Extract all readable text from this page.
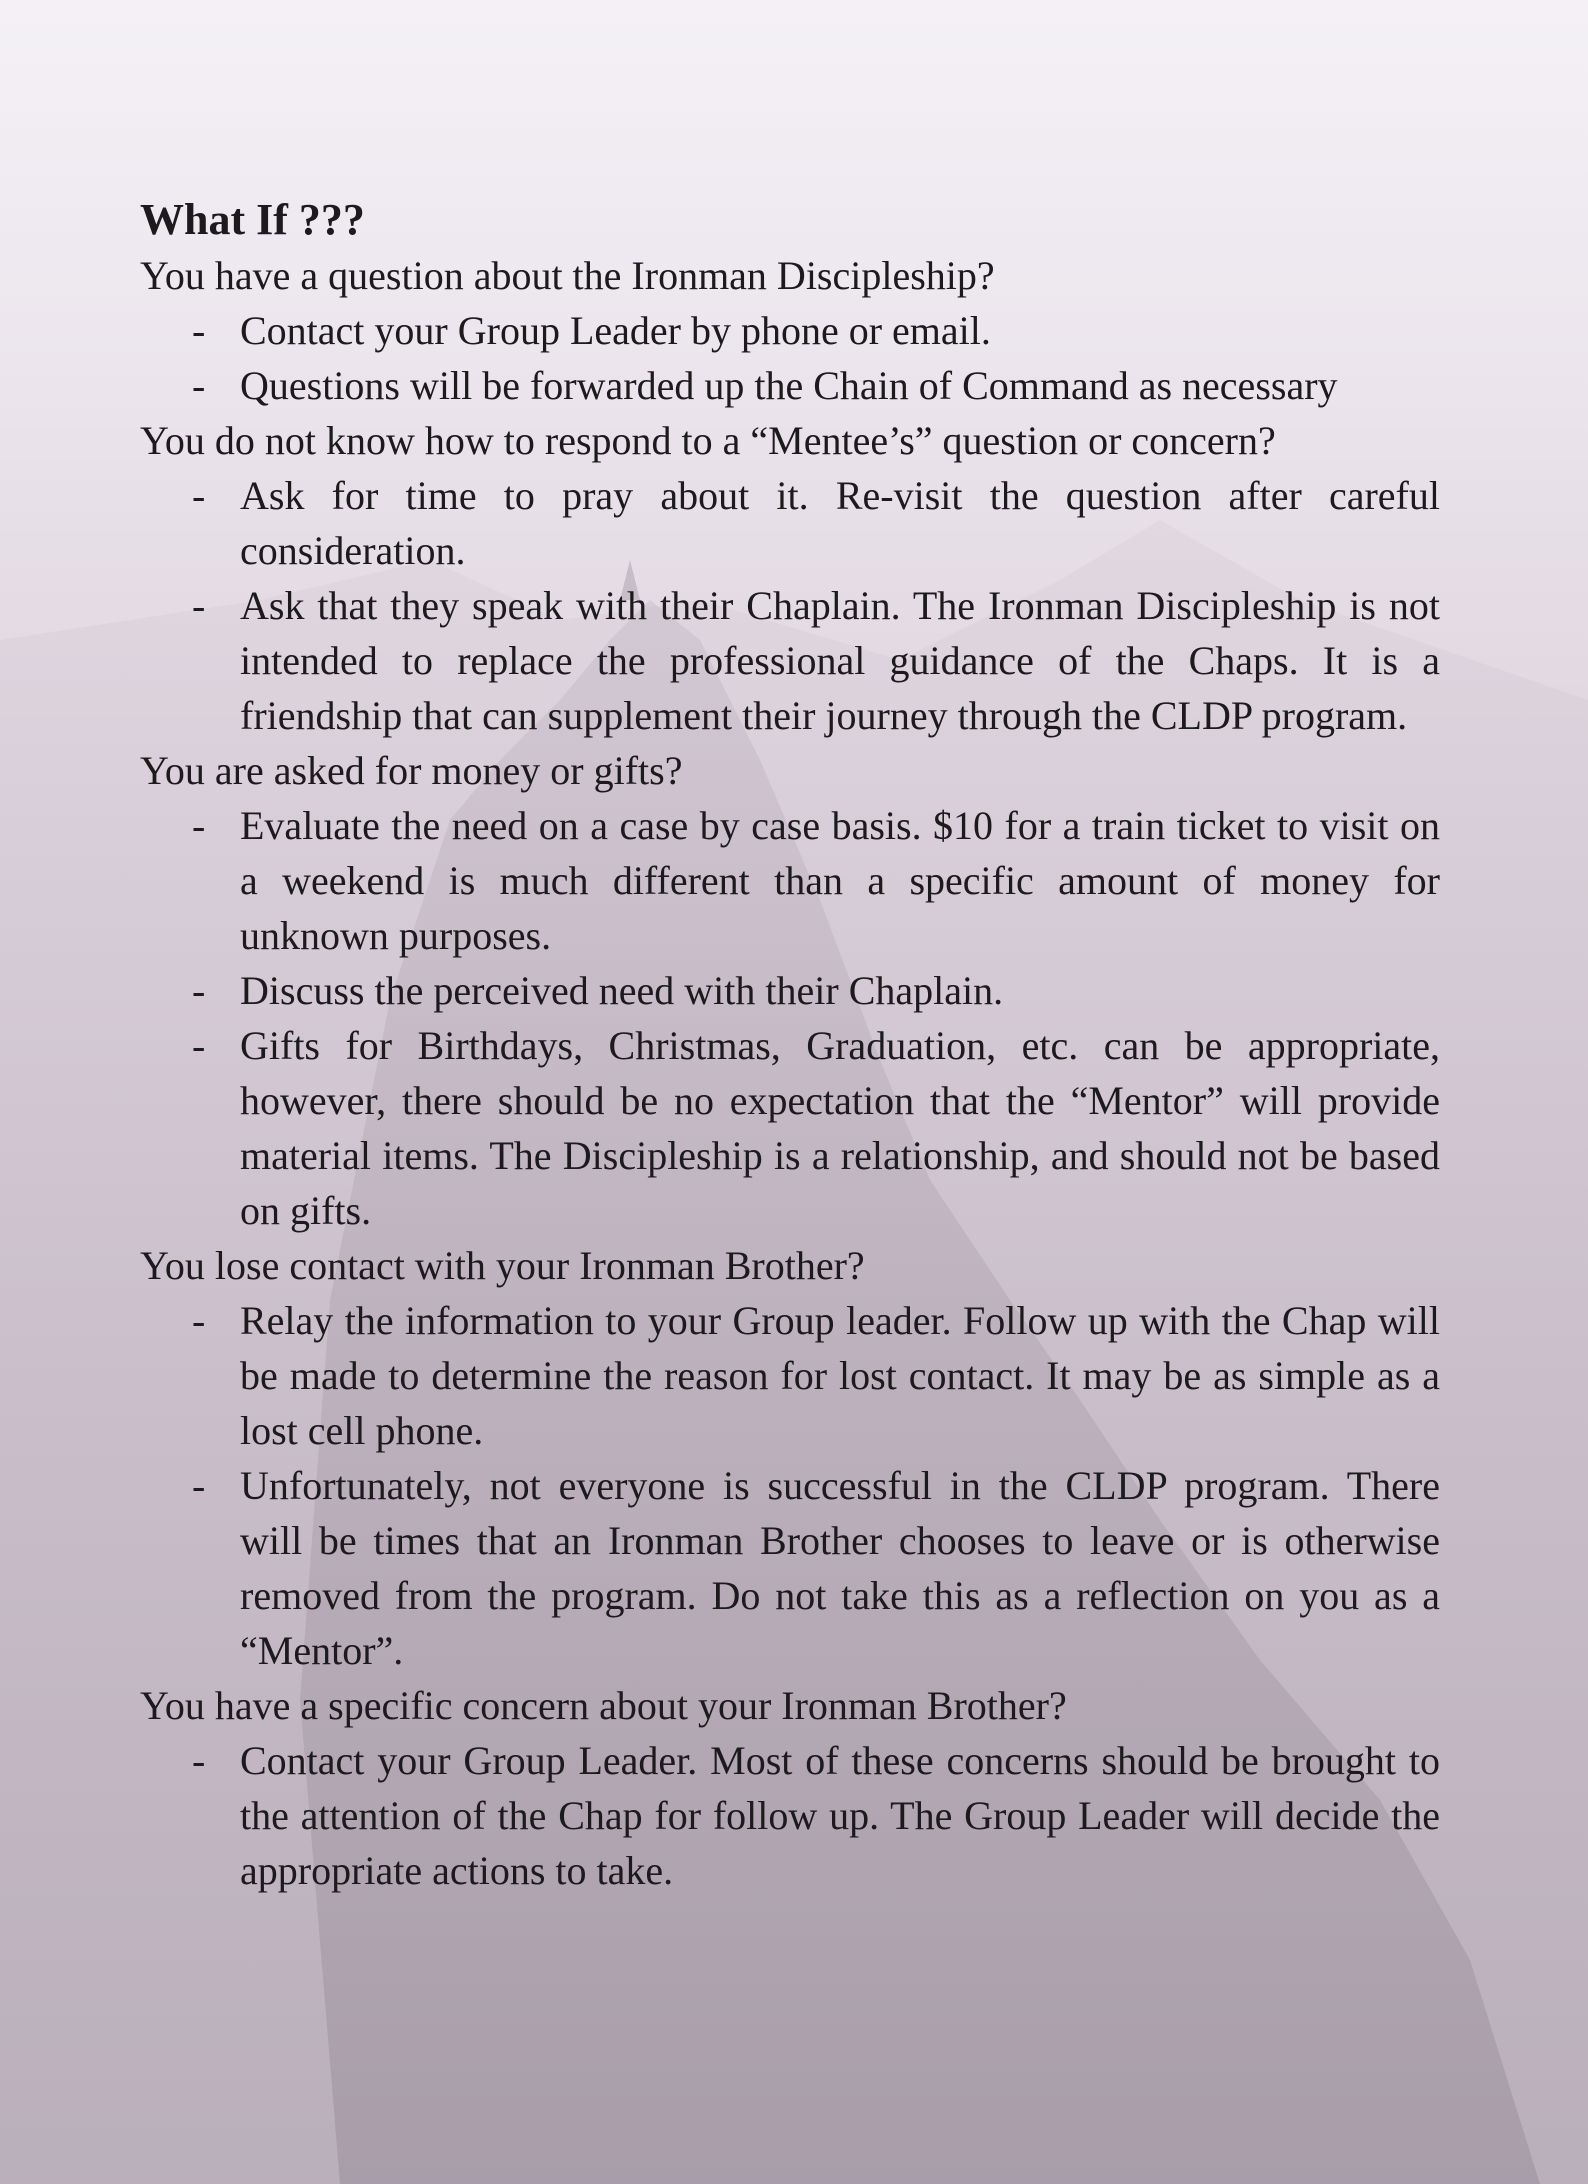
What If ???

You have a question about the Ironman Discipleship?

- Contact your Group Leader by phone or email.
- Questions will be forwarded up the Chain of Command as necessary

You do not know how to respond to a “Mentee’s” question or concern?

- Ask for time to pray about it. Re-visit the question after careful consideration.
- Ask that they speak with their Chaplain. The Ironman Discipleship is not intended to replace the professional guidance of the Chaps. It is a friendship that can supplement their journey through the CLDP program.

You are asked for money or gifts?

- Evaluate the need on a case by case basis. $10 for a train ticket to visit on a weekend is much different than a specific amount of money for unknown purposes.
- Discuss the perceived need with their Chaplain.
- Gifts for Birthdays, Christmas, Graduation, etc. can be appropriate, however, there should be no expectation that the “Mentor” will provide material items. The Discipleship is a relationship, and should not be based on gifts.

You lose contact with your Ironman Brother?

- Relay the information to your Group leader. Follow up with the Chap will be made to determine the reason for lost contact. It may be as simple as a lost cell phone.
- Unfortunately, not everyone is successful in the CLDP program. There will be times that an Ironman Brother chooses to leave or is otherwise removed from the program. Do not take this as a reflection on you as a “Mentor”.

You have a specific concern about your Ironman Brother?

- Contact your Group Leader. Most of these concerns should be brought to the attention of the Chap for follow up. The Group Leader will decide the appropriate actions to take.
